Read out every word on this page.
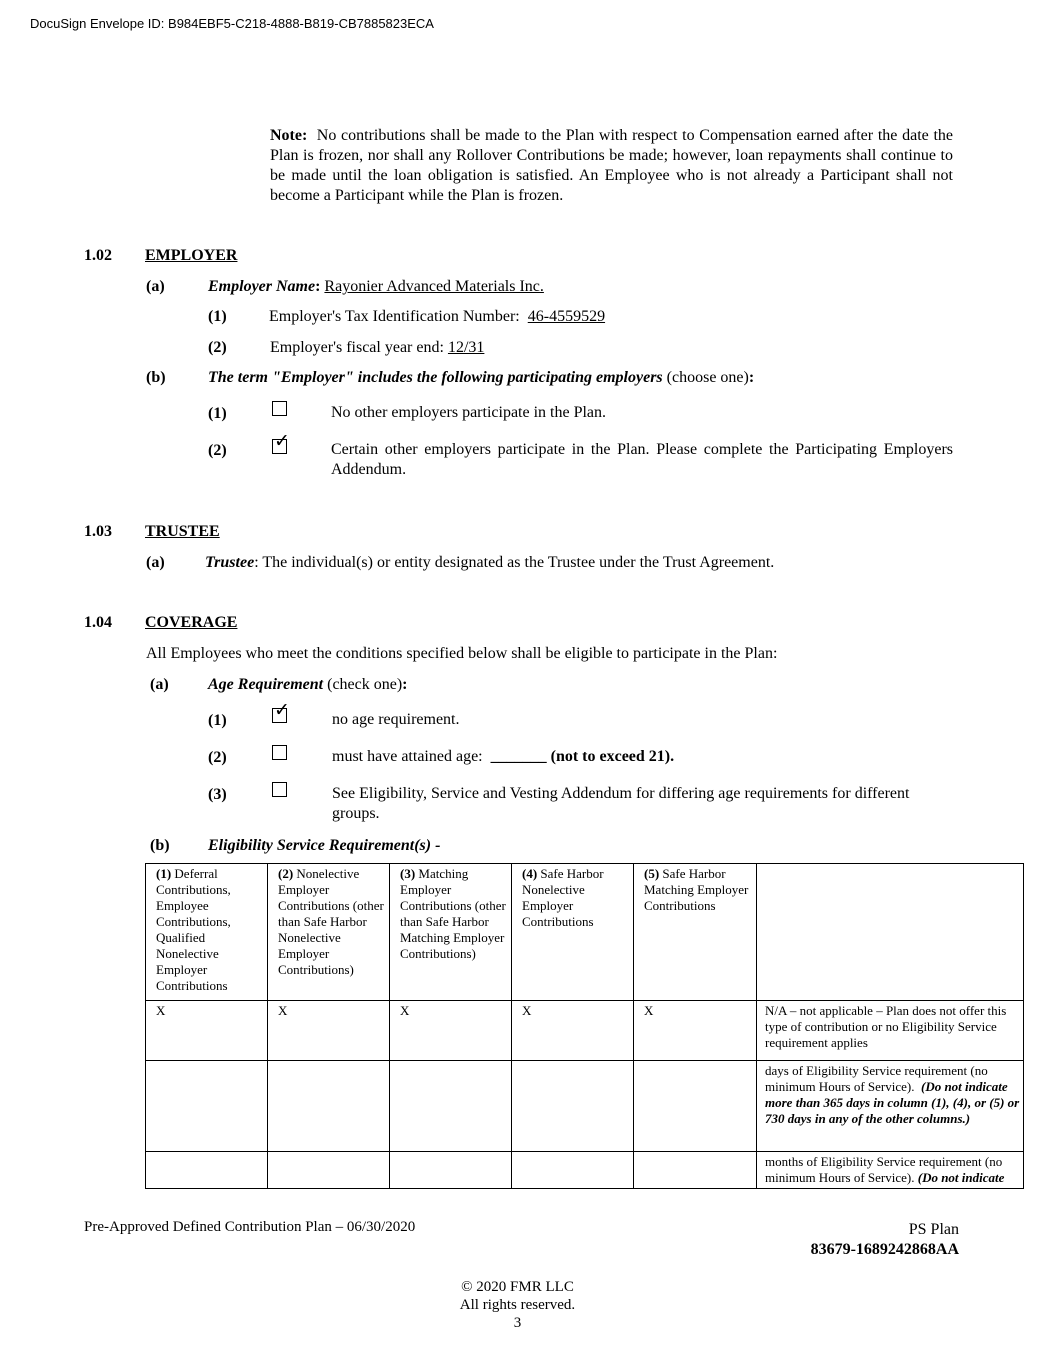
DocuSign Envelope ID: B984EBF5-C218-4888-B819-CB7885823ECA
Note: No contributions shall be made to the Plan with respect to Compensation earned after the date the Plan is frozen, nor shall any Rollover Contributions be made; however, loan repayments shall continue to be made until the loan obligation is satisfied. An Employee who is not already a Participant shall not become a Participant while the Plan is frozen.
1.02 EMPLOYER
(a)	Employer Name: Rayonier Advanced Materials Inc.
(1)	Employer's Tax Identification Number: 46-4559529
(2)	Employer's fiscal year end: 12/31
(b)	The term "Employer" includes the following participating employers (choose one):
(1)	No other employers participate in the Plan.
(2) ✓	Certain other employers participate in the Plan. Please complete the Participating Employers Addendum.
1.03 TRUSTEE
(a)	Trustee: The individual(s) or entity designated as the Trustee under the Trust Agreement.
1.04 COVERAGE
All Employees who meet the conditions specified below shall be eligible to participate in the Plan:
(a) Age Requirement (check one):
(1) ✓	no age requirement.
(2)	must have attained age: _______ (not to exceed 21).
(3)	See Eligibility, Service and Vesting Addendum for differing age requirements for different groups.
(b) Eligibility Service Requirement(s) -
(1) Deferral Contributions, Employee Contributions, Qualified Nonelective Employer Contributions	(2) Nonelective Employer Contributions (other than Safe Harbor Nonelective Employer Contributions)	(3) Matching Employer Contributions (other than Safe Harbor Matching Employer Contributions)	(4) Safe Harbor Nonelective Employer Contributions	(5) Safe Harbor Matching Employer Contributions	
X	X	X	X	X	N/A – not applicable – Plan does not offer this type of contribution or no Eligibility Service requirement applies
					days of Eligibility Service requirement (no minimum Hours of Service). (Do not indicate more than 365 days in column (1), (4), or (5) or 730 days in any of the other columns.)
					months of Eligibility Service requirement (no minimum Hours of Service). (Do not indicate
Pre-Approved Defined Contribution Plan – 06/30/2020	PS Plan
83679-1689242868AA
© 2020 FMR LLC
All rights reserved.
3
